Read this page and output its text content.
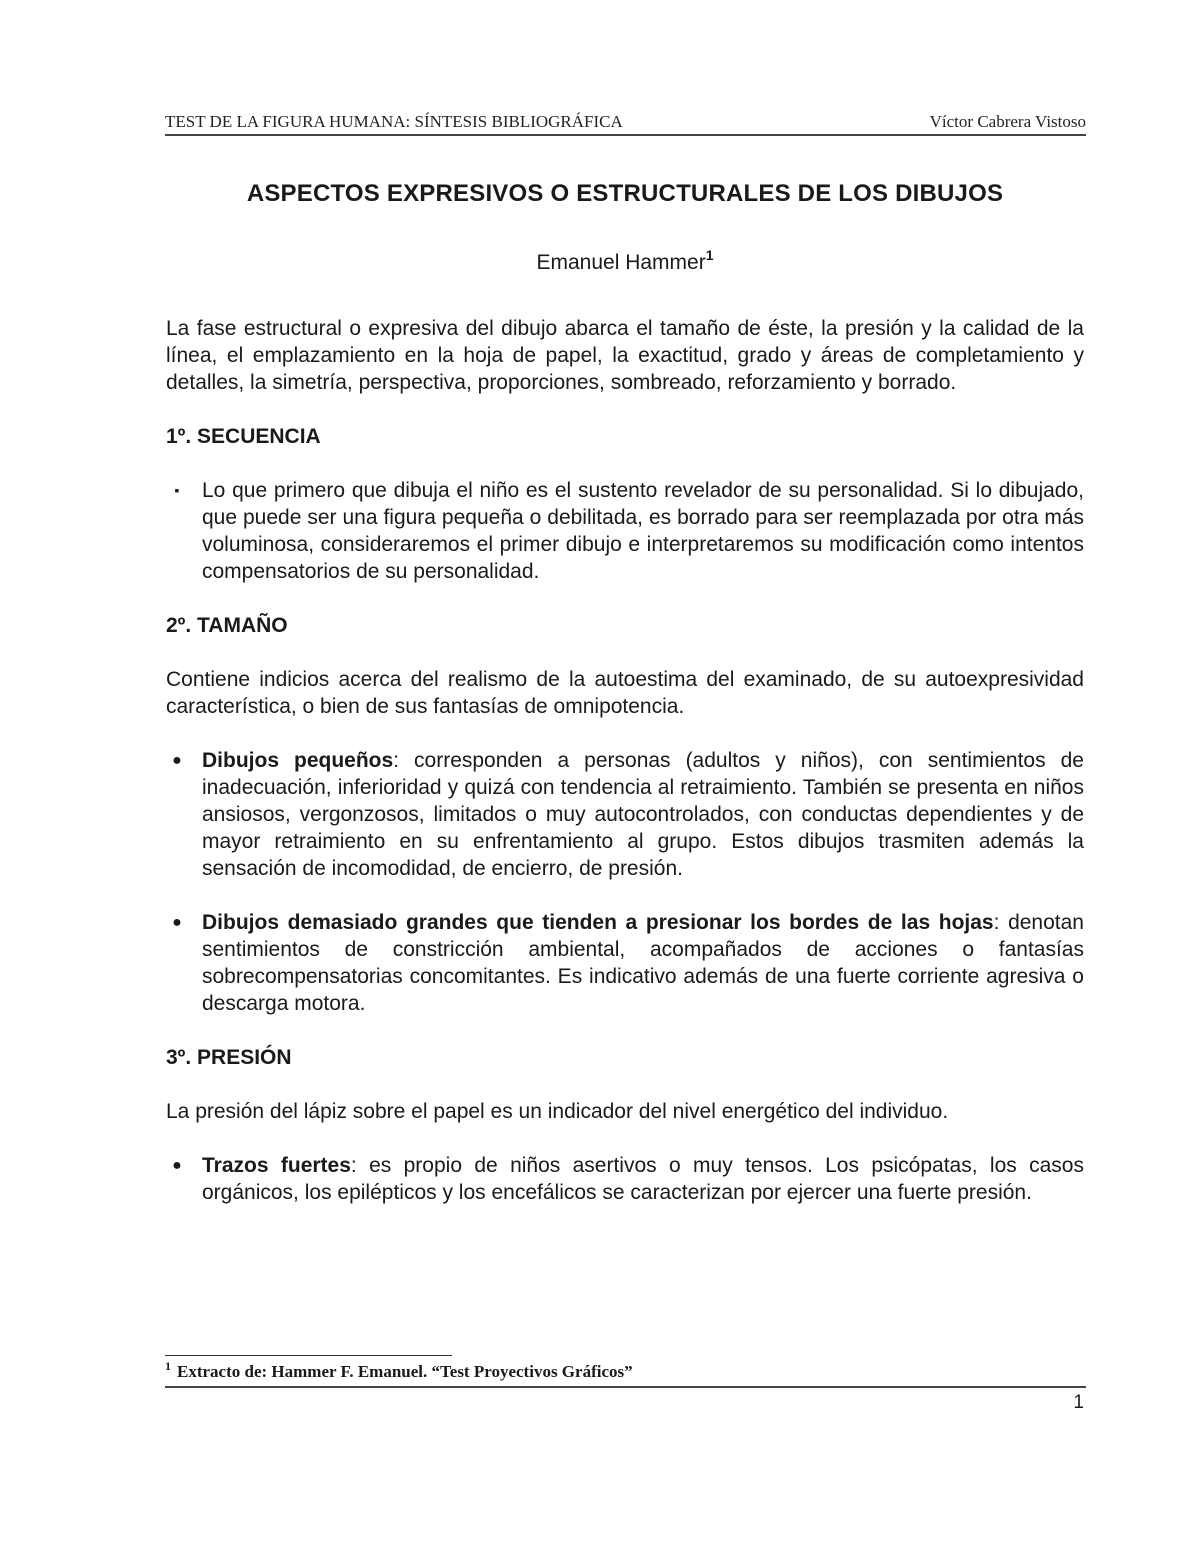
TEST DE LA FIGURA HUMANA: SÍNTESIS BIBLIOGRÁFICA	Víctor Cabrera Vistoso
ASPECTOS EXPRESIVOS O ESTRUCTURALES DE LOS DIBUJOS

Emanuel Hammer$^1$

La fase estructural o expresiva del dibujo abarca el tamaño de éste, la presión y la calidad de la línea, el emplazamiento en la hoja de papel, la exactitud, grado y áreas de completamiento y detalles, la simetría, perspectiva, proporciones, sombreado, reforzamiento y borrado.

1º. SECUENCIA

▪	Lo que primero que dibuja el niño es el sustento revelador de su personalidad. Si lo dibujado, que puede ser una figura pequeña o debilitada, es borrado para ser reemplazada por otra más voluminosa, consideraremos el primer dibujo e interpretaremos su modificación como intentos compensatorios de su personalidad.

2º. TAMAÑO

Contiene indicios acerca del realismo de la autoestima del examinado, de su autoexpresividad característica, o bien de sus fantasías de omnipotencia.

● Dibujos pequeños: corresponden a personas (adultos y niños), con sentimientos de inadecuación, inferioridad y quizá con tendencia al retraimiento. También se presenta en niños ansiosos, vergonzosos, limitados o muy autocontrolados, con conductas dependientes y de mayor retraimiento en su enfrentamiento al grupo. Estos dibujos trasmiten además la sensación de incomodidad, de encierro, de presión.
● Dibujos demasiado grandes que tienden a presionar los bordes de las hojas: denotan sentimientos de constricción ambiental, acompañados de acciones o fantasías sobrecompensatorias concomitantes. Es indicativo además de una fuerte corriente agresiva o descarga motora.

3º. PRESIÓN

La presión del lápiz sobre el papel es un indicador del nivel energético del individuo.

● Trazos fuertes: es propio de niños asertivos o muy tensos. Los psicópatas, los casos orgánicos, los epilépticos y los encefálicos se caracterizan por ejercer una fuerte presión.
$^1$ Extracto de: Hammer F. Emanuel. “Test Proyectivos Gráficos”
1
